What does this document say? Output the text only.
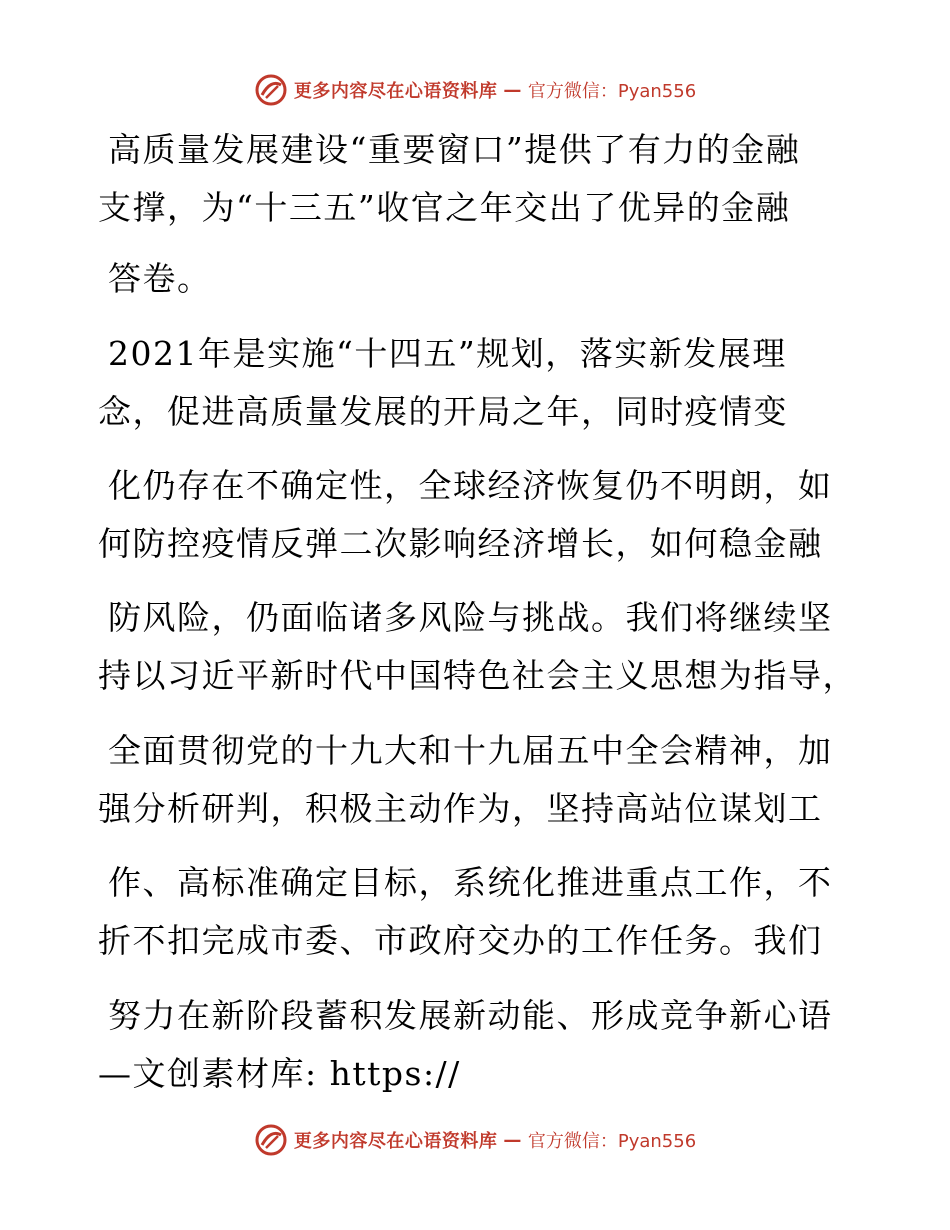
更多内容尽在心语资料库 — 官方微信：Pyan556
高质量发展建设“重要窗口”提供了有力的金融
支撑，为“十三五”收官之年交出了优异的金融
答卷。
2021年是实施“十四五”规划，落实新发展理
念，促进高质量发展的开局之年，同时疫情变
化仍存在不确定性，全球经济恢复仍不明朗，如
何防控疫情反弹二次影响经济增长，如何稳金融
防风险，仍面临诸多风险与挑战。我们将继续坚
持以习近平新时代中国特色社会主义思想为指导，
全面贯彻党的十九大和十九届五中全会精神，加
强分析研判，积极主动作为，坚持高站位谋划工
作、高标准确定目标，系统化推进重点工作，不
折不扣完成市委、市政府交办的工作任务。我们
努力在新阶段蓄积发展新动能、形成竞争新心语
—文创素材库: https://
更多内容尽在心语资料库 — 官方微信：Pyan556
